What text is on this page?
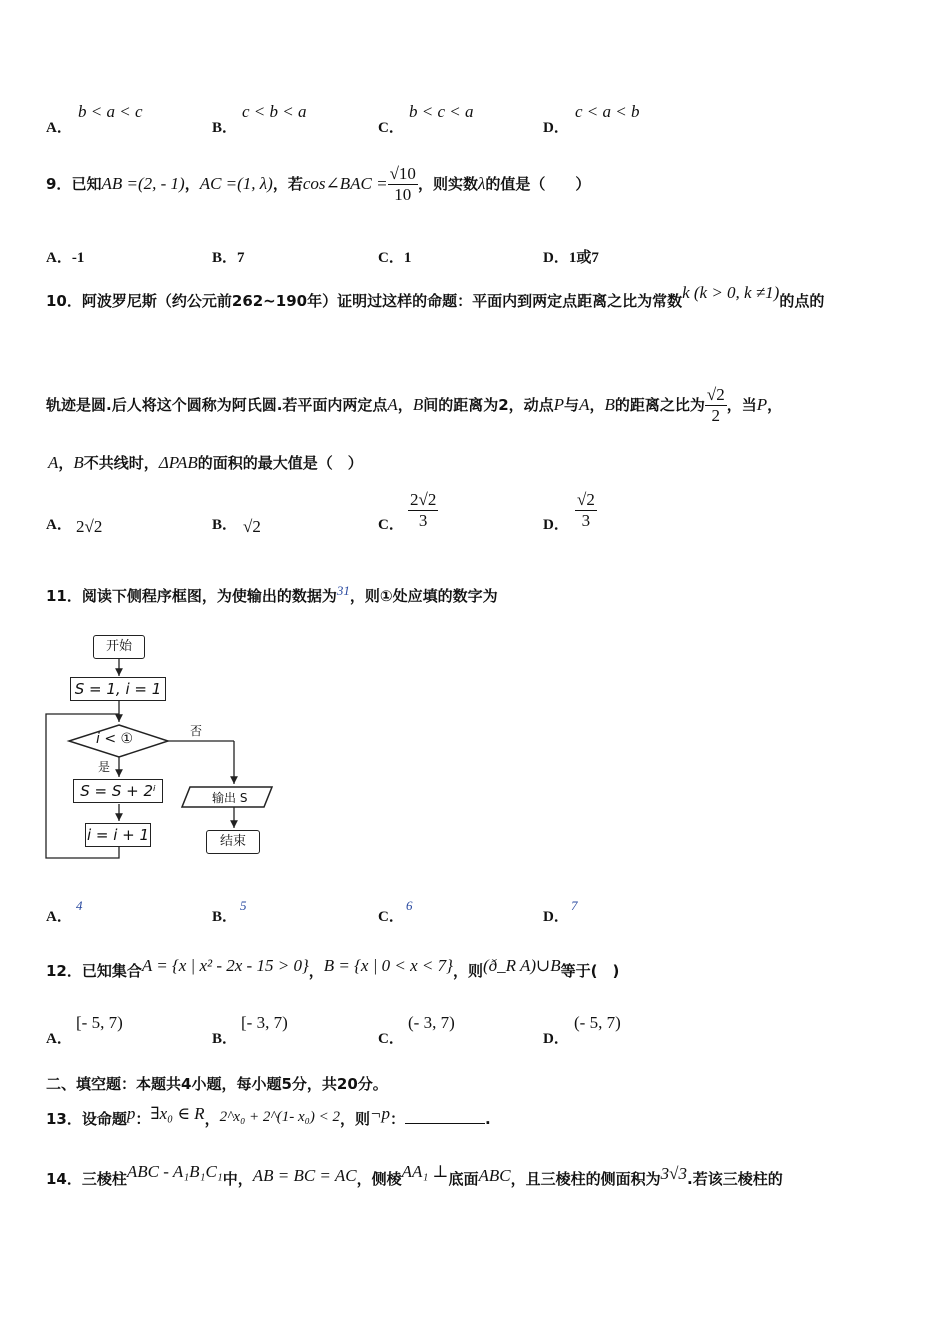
A．
b < a < c
B．
c < b < a
C．
b < c < a
D．
c < a < b
9．已知AB =(2, - 1)，AC =(1, λ)，若cos∠BAC = $\frac{√10}{10}$ ，则实数λ的值是（　　）
A．-1	B．7	C．1	D．1或7
10．阿波罗尼斯（约公元前262~190年）证明过这样的命题：平面内到两定点距离之比为常数k (k > 0, k ≠1)的点的
轨迹是圆.后人将这个圆称为阿氏圆.若平面内两定点A，B间的距离为2，动点P与A，B的距离之比为 $\frac{√2}{2}$ ，当P，
A，B不共线时，ΔPAB的面积的最大值是（　）
A． 2√2	B． √2	C． $\frac{2√2}{3}$	D． $\frac{√2}{3}$
11．阅读下侧程序框图，为使输出的数据为31，则①处应填的数字为
开始
S = 1, i = 1
i < ①	否
是
S = S + 2ⁱ
i = i + 1
输出 S
结束
A．
4
B．
5
C．
6
D．
7
12．已知集合A = {x | x² - 2x - 15 > 0}，B = {x | 0 < x < 7}，则(ð_R A)∪B等于(　)
A．
[- 5, 7)
B．
[- 3, 7)
C．
(- 3, 7)
D．
(- 5, 7)
二、填空题：本题共4小题，每小题5分，共20分。
13．设命题p：∃x₀ ∈ R，2^x₀ + 2^(1- x₀) < 2，则¬p：	.
14．三棱柱ABC - A₁B₁C₁中，AB = BC = AC，侧棱AA₁ ⊥底面ABC，且三棱柱的侧面积为3√3.若该三棱柱的
